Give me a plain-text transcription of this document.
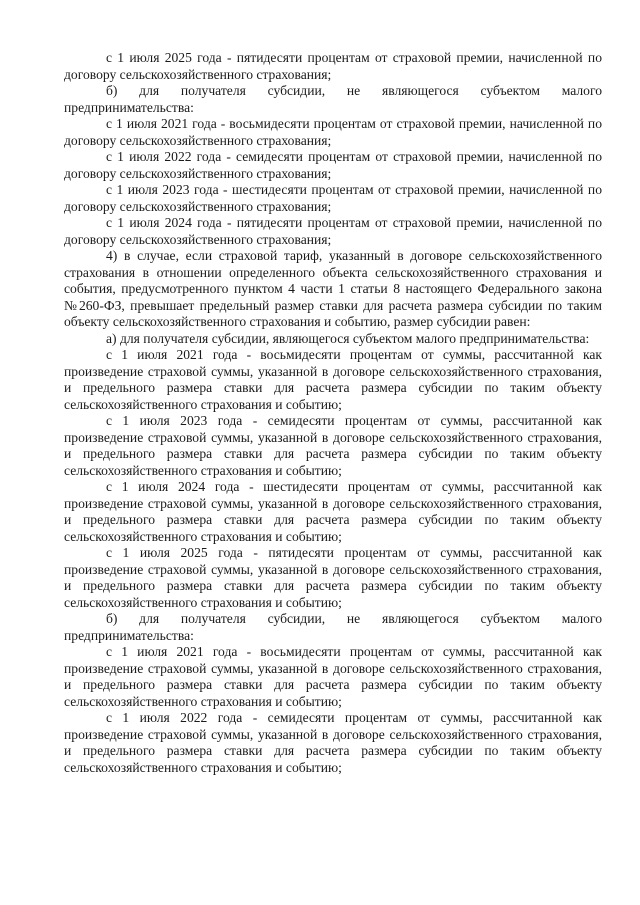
с 1 июля 2025 года - пятидесяти процентам от страховой премии, начисленной по договору сельскохозяйственного страхования;

б) для получателя субсидии, не являющегося субъектом малого предпринимательства:

с 1 июля 2021 года - восьмидесяти процентам от страховой премии, начисленной по договору сельскохозяйственного страхования;

с 1 июля 2022 года - семидесяти процентам от страховой премии, начисленной по договору сельскохозяйственного страхования;

с 1 июля 2023 года - шестидесяти процентам от страховой премии, начисленной по договору сельскохозяйственного страхования;

с 1 июля 2024 года - пятидесяти процентам от страховой премии, начисленной по договору сельскохозяйственного страхования;

4) в случае, если страховой тариф, указанный в договоре сельскохозяйственного страхования в отношении определенного объекта сельскохозяйственного страхования и события, предусмотренного пунктом 4 части 1 статьи 8 настоящего Федерального закона №260-ФЗ, превышает предельный размер ставки для расчета размера субсидии по таким объекту сельскохозяйственного страхования и событию, размер субсидии равен:

а) для получателя субсидии, являющегося субъектом малого предпринимательства:

с 1 июля 2021 года - восьмидесяти процентам от суммы, рассчитанной как произведение страховой суммы, указанной в договоре сельскохозяйственного страхования, и предельного размера ставки для расчета размера субсидии по таким объекту сельскохозяйственного страхования и событию;

с 1 июля 2023 года - семидесяти процентам от суммы, рассчитанной как произведение страховой суммы, указанной в договоре сельскохозяйственного страхования, и предельного размера ставки для расчета размера субсидии по таким объекту сельскохозяйственного страхования и событию;

с 1 июля 2024 года - шестидесяти процентам от суммы, рассчитанной как произведение страховой суммы, указанной в договоре сельскохозяйственного страхования, и предельного размера ставки для расчета размера субсидии по таким объекту сельскохозяйственного страхования и событию;

с 1 июля 2025 года - пятидесяти процентам от суммы, рассчитанной как произведение страховой суммы, указанной в договоре сельскохозяйственного страхования, и предельного размера ставки для расчета размера субсидии по таким объекту сельскохозяйственного страхования и событию;

б) для получателя субсидии, не являющегося субъектом малого предпринимательства:

с 1 июля 2021 года - восьмидесяти процентам от суммы, рассчитанной как произведение страховой суммы, указанной в договоре сельскохозяйственного страхования, и предельного размера ставки для расчета размера субсидии по таким объекту сельскохозяйственного страхования и событию;

с 1 июля 2022 года - семидесяти процентам от суммы, рассчитанной как произведение страховой суммы, указанной в договоре сельскохозяйственного страхования, и предельного размера ставки для расчета размера субсидии по таким объекту сельскохозяйственного страхования и событию;
